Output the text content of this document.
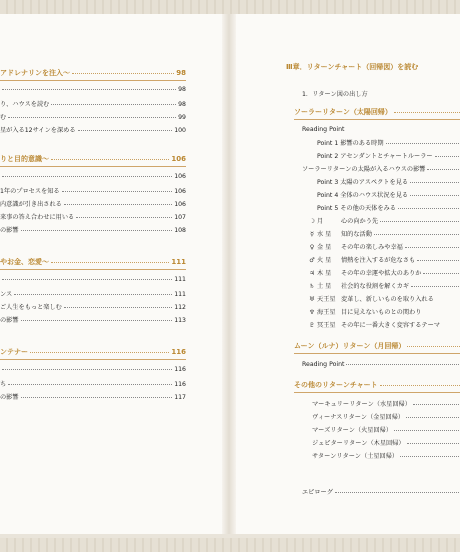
アドレナリンを注入～	98
98
り、ハウスを読む	98
む	99
星が入る12サインを深める	100
りと目的意識～	106
106
1年のプロセスを知る	106
内意識が引き出される	106
来事の答え合わせに用いる	107
の影響	108
やお金、恋愛～	111
111
ンス	111
ご人生をもっと楽しむ	112
の影響	113
ンテナー	116
116
ち	116
の影響	117
Ⅲ章．リターンチャート（回帰図）を読む
1．リターン図の出し方
ソーラーリターン（太陽回帰）
Reading Point
Point 1 影響のある時期
Point 2 アセンダントとチャートルーラー
ソーラーリターンの太陽が入るハウスの影響
Point 3 太陽のアスペクトを見る
Point 4 全体のハウス状況を見る
Point 5 その他の天体をみる
☽ 月	心の向かう先
☿ 水 星	知的な活動
♀ 金 星	その年の楽しみや幸福
♂ 火 星	情熱を注入するが危なさも
♃ 木 星	その年の幸運や拡大のありか
♄ 土 星	社会的な役割を解くカギ
♅ 天王星 変革し、新しいものを取り入れる
♆ 海王星 目に見えないものとの関わり
♇ 冥王星 その年に一番大きく変容するテーマ
ムーン（ルナ）リターン（月回帰）
Reading Point
その他のリターンチャート
マーキュリーリターン（水星回帰）
ヴィーナスリターン（金星回帰）
マーズリターン（火星回帰）
ジュピターリターン（木星回帰）
サターンリターン（土星回帰）
エピローグ
